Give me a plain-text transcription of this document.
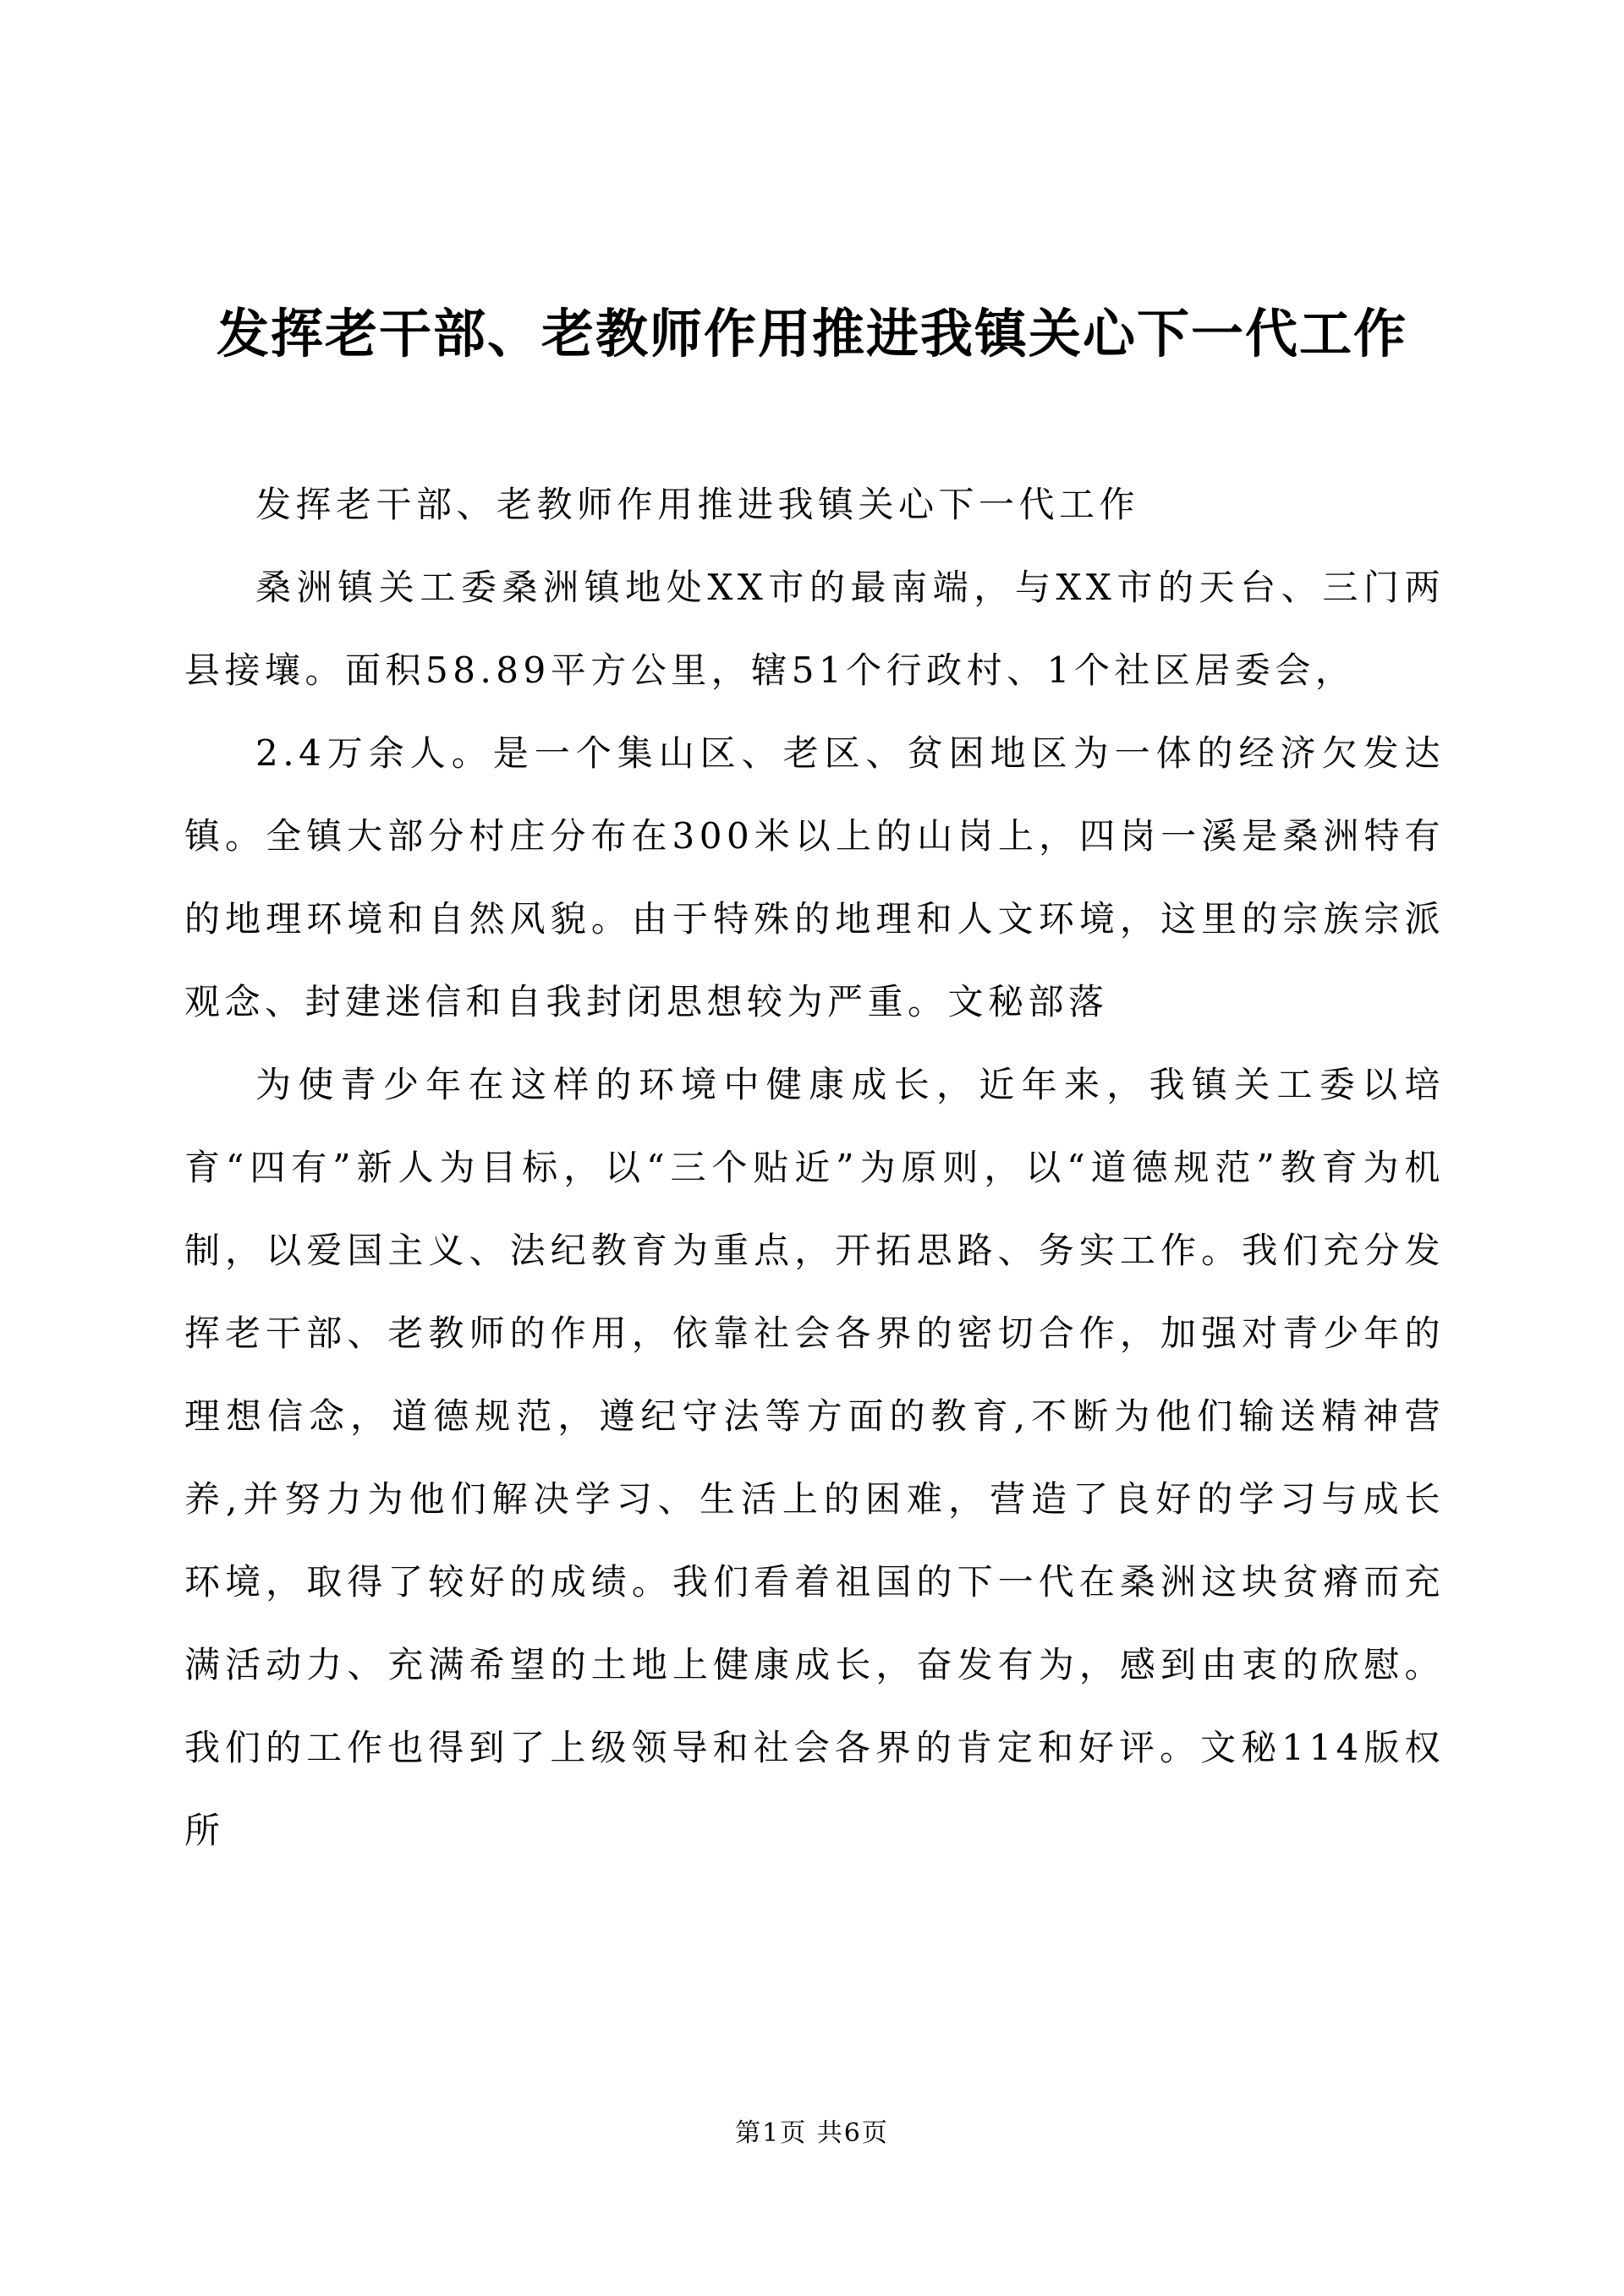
发挥老干部、老教师作用推进我镇关心下一代工作

发挥老干部、老教师作用推进我镇关心下一代工作

桑洲镇关工委桑洲镇地处XX市的最南端，与XX市的天台、三门两县接壤。面积58.89平方公里，辖51个行政村、1个社区居委会，

2.4万余人。是一个集山区、老区、贫困地区为一体的经济欠发达镇。全镇大部分村庄分布在300米以上的山岗上，四岗一溪是桑洲特有的地理环境和自然风貌。由于特殊的地理和人文环境，这里的宗族宗派观念、封建迷信和自我封闭思想较为严重。文秘部落

为使青少年在这样的环境中健康成长，近年来，我镇关工委以培育“四有”新人为目标，以“三个贴近”为原则，以“道德规范”教育为机制，以爱国主义、法纪教育为重点，开拓思路、务实工作。我们充分发挥老干部、老教师的作用，依靠社会各界的密切合作，加强对青少年的理想信念，道德规范，遵纪守法等方面的教育,不断为他们输送精神营养,并努力为他们解决学习、生活上的困难，营造了良好的学习与成长环境，取得了较好的成绩。我们看着祖国的下一代在桑洲这块贫瘠而充满活动力、充满希望的土地上健康成长，奋发有为，感到由衷的欣慰。我们的工作也得到了上级领导和社会各界的肯定和好评。文秘114版权所

第1页 共6页
